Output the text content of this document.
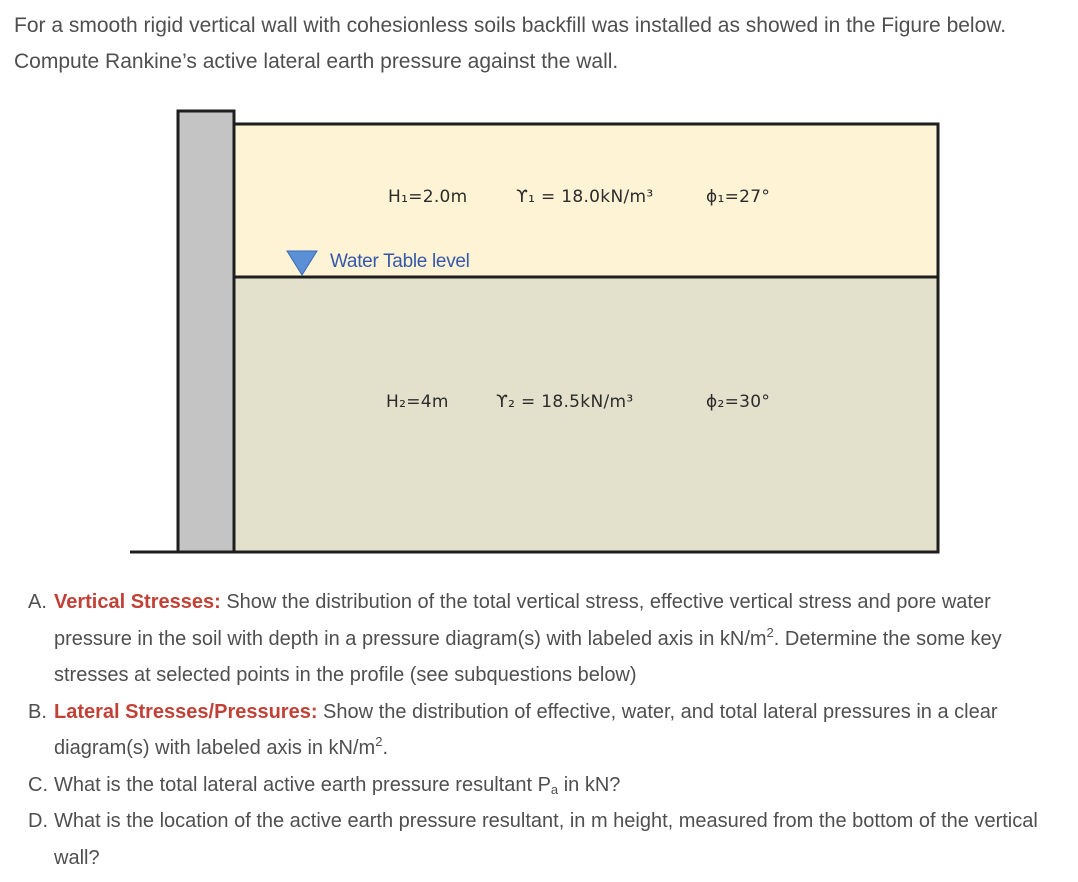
For a smooth rigid vertical wall with cohesionless soils backfill was installed as showed in the Figure below. Compute Rankine’s active lateral earth pressure against the wall.
H₁=2.0m	ϒ₁ = 18.0kN/m³	ϕ₁=27°
Water Table level
H₂=4m	ϒ₂ = 18.5kN/m³	ϕ₂=30°
A. Vertical Stresses: Show the distribution of the total vertical stress, effective vertical stress and pore water pressure in the soil with depth in a pressure diagram(s) with labeled axis in $kN/m^2$. Determine the some key stresses at selected points in the profile (see subquestions below)
B. Lateral Stresses/Pressures: Show the distribution of effective, water, and total lateral pressures in a clear diagram(s) with labeled axis in $kN/m^2$.
C. What is the total lateral active earth pressure resultant $P_a$ in kN?
D. What is the location of the active earth pressure resultant, in m height, measured from the bottom of the vertical wall?
